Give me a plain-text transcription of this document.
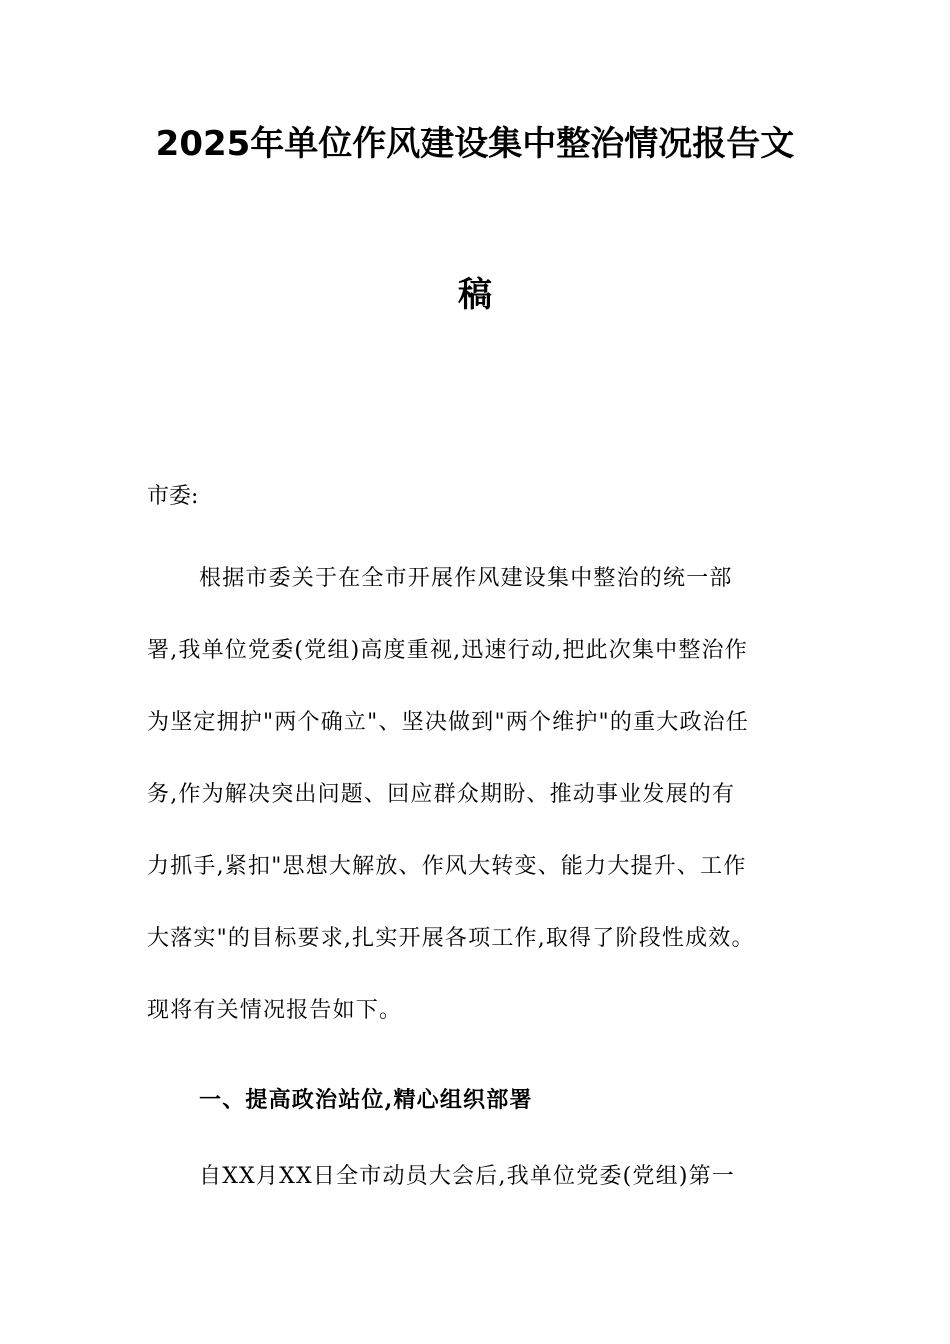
2025年单位作风建设集中整治情况报告文
稿
市委:
根据市委关于在全市开展作风建设集中整治的统一部
署,我单位党委(党组)高度重视,迅速行动,把此次集中整治作
为坚定拥护"两个确立"、坚决做到"两个维护"的重大政治任
务,作为解决突出问题、回应群众期盼、推动事业发展的有
力抓手,紧扣"思想大解放、作风大转变、能力大提升、工作
大落实"的目标要求,扎实开展各项工作,取得了阶段性成效。
现将有关情况报告如下。
一、提高政治站位,精心组织部署
自XX月XX日全市动员大会后,我单位党委(党组)第一
